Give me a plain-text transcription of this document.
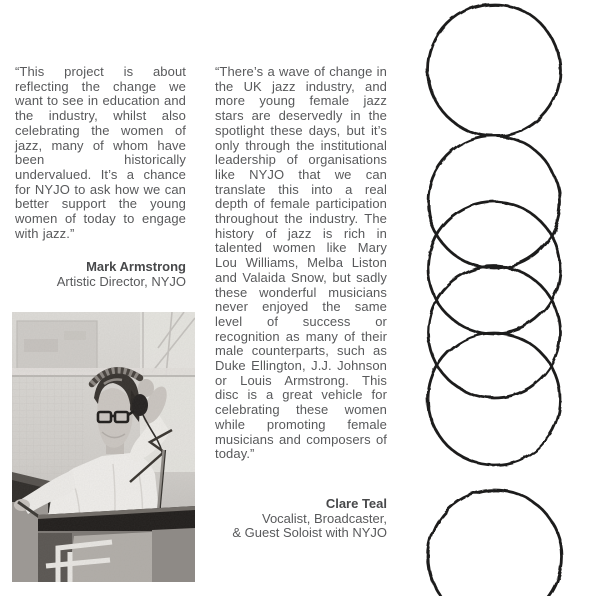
“This project is about reflecting the change we want to see in education and the industry, whilst also celebrating the women of jazz, many of whom have been historically undervalued. It’s a chance for NYJO to ask how we can better support the young women of today to engage with jazz.”

Mark Armstrong
Artistic Director, NYJO

“There’s a wave of change in the UK jazz industry, and more young female jazz stars are deservedly in the spotlight these days, but it’s only through the institutional leadership of organisations like NYJO that we can translate this into a real depth of female participation throughout the industry. The history of jazz is rich in talented women like Mary Lou Williams, Melba Liston and Valaida Snow, but sadly these wonderful musicians never enjoyed the same level of success or recognition as many of their male counterparts, such as Duke Ellington, J.J. Johnson or Louis Armstrong. This disc is a great vehicle for celebrating these women while promoting female musicians and composers of today.”

Clare Teal
Vocalist, Broadcaster,
& Guest Soloist with NYJO
